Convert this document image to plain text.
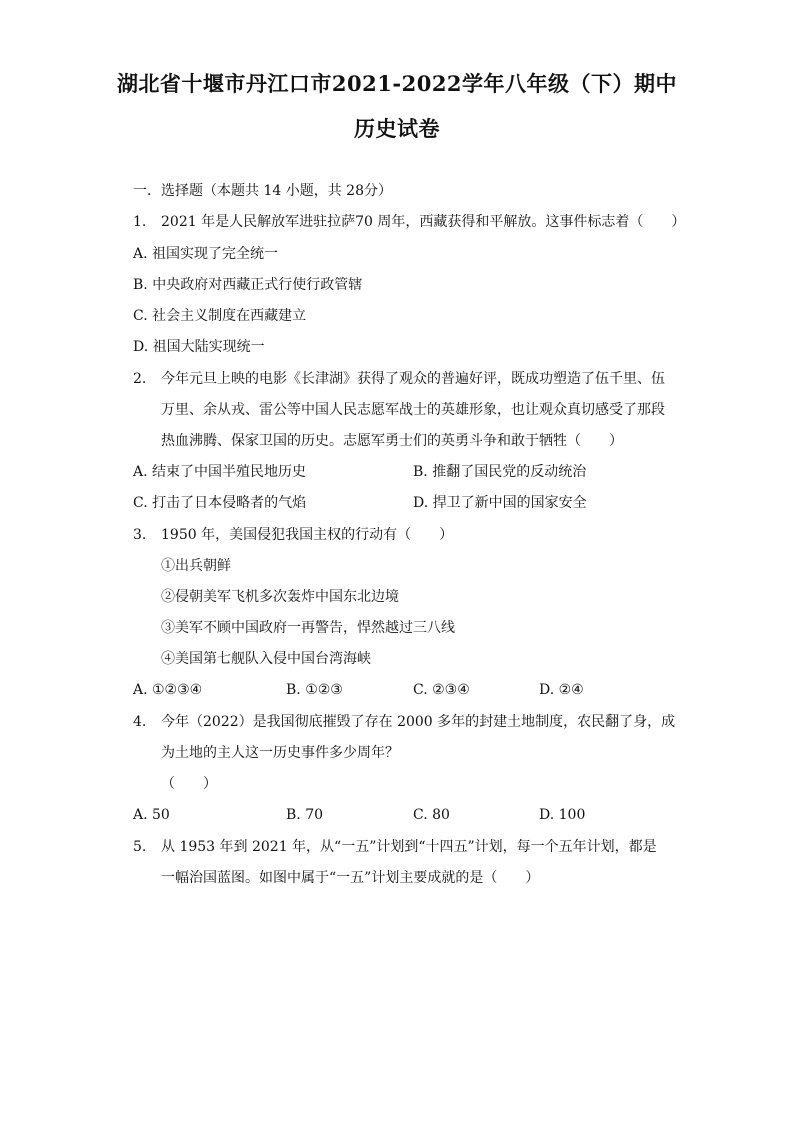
湖北省十堰市丹江口市2021-2022学年八年级（下）期中
历史试卷
一．选择题（本题共 14 小题，共 28分）
1. 2021 年是人民解放军进驻拉萨70 周年，西藏获得和平解放。这事件标志着（　　）
A. 祖国实现了完全统一
B. 中央政府对西藏正式行使行政管辖
C. 社会主义制度在西藏建立
D. 祖国大陆实现统一
2. 今年元旦上映的电影《长津湖》获得了观众的普遍好评，既成功塑造了伍千里、伍
万里、余从戎、雷公等中国人民志愿军战士的英雄形象，也让观众真切感受了那段
热血沸腾、保家卫国的历史。志愿军勇士们的英勇斗争和敢于牺牲（　　）
A. 结束了中国半殖民地历史	B. 推翻了国民党的反动统治
C. 打击了日本侵略者的气焰	D. 捍卫了新中国的国家安全
3. 1950 年，美国侵犯我国主权的行动有（　　）
①出兵朝鲜
②侵朝美军飞机多次轰炸中国东北边境
③美军不顾中国政府一再警告，悍然越过三八线
④美国第七舰队入侵中国台湾海峡
A. ①②③④	B. ①②③	C. ②③④	D. ②④
4. 今年（2022）是我国彻底摧毁了存在 2000 多年的封建土地制度，农民翻了身，成
为土地的主人这一历史事件多少周年？
（　　）
A. 50	B. 70	C. 80	D. 100
5. 从 1953 年到 2021 年，从“一五”计划到“十四五”计划，每一个五年计划，都是
一幅治国蓝图。如图中属于“一五”计划主要成就的是（　　）
